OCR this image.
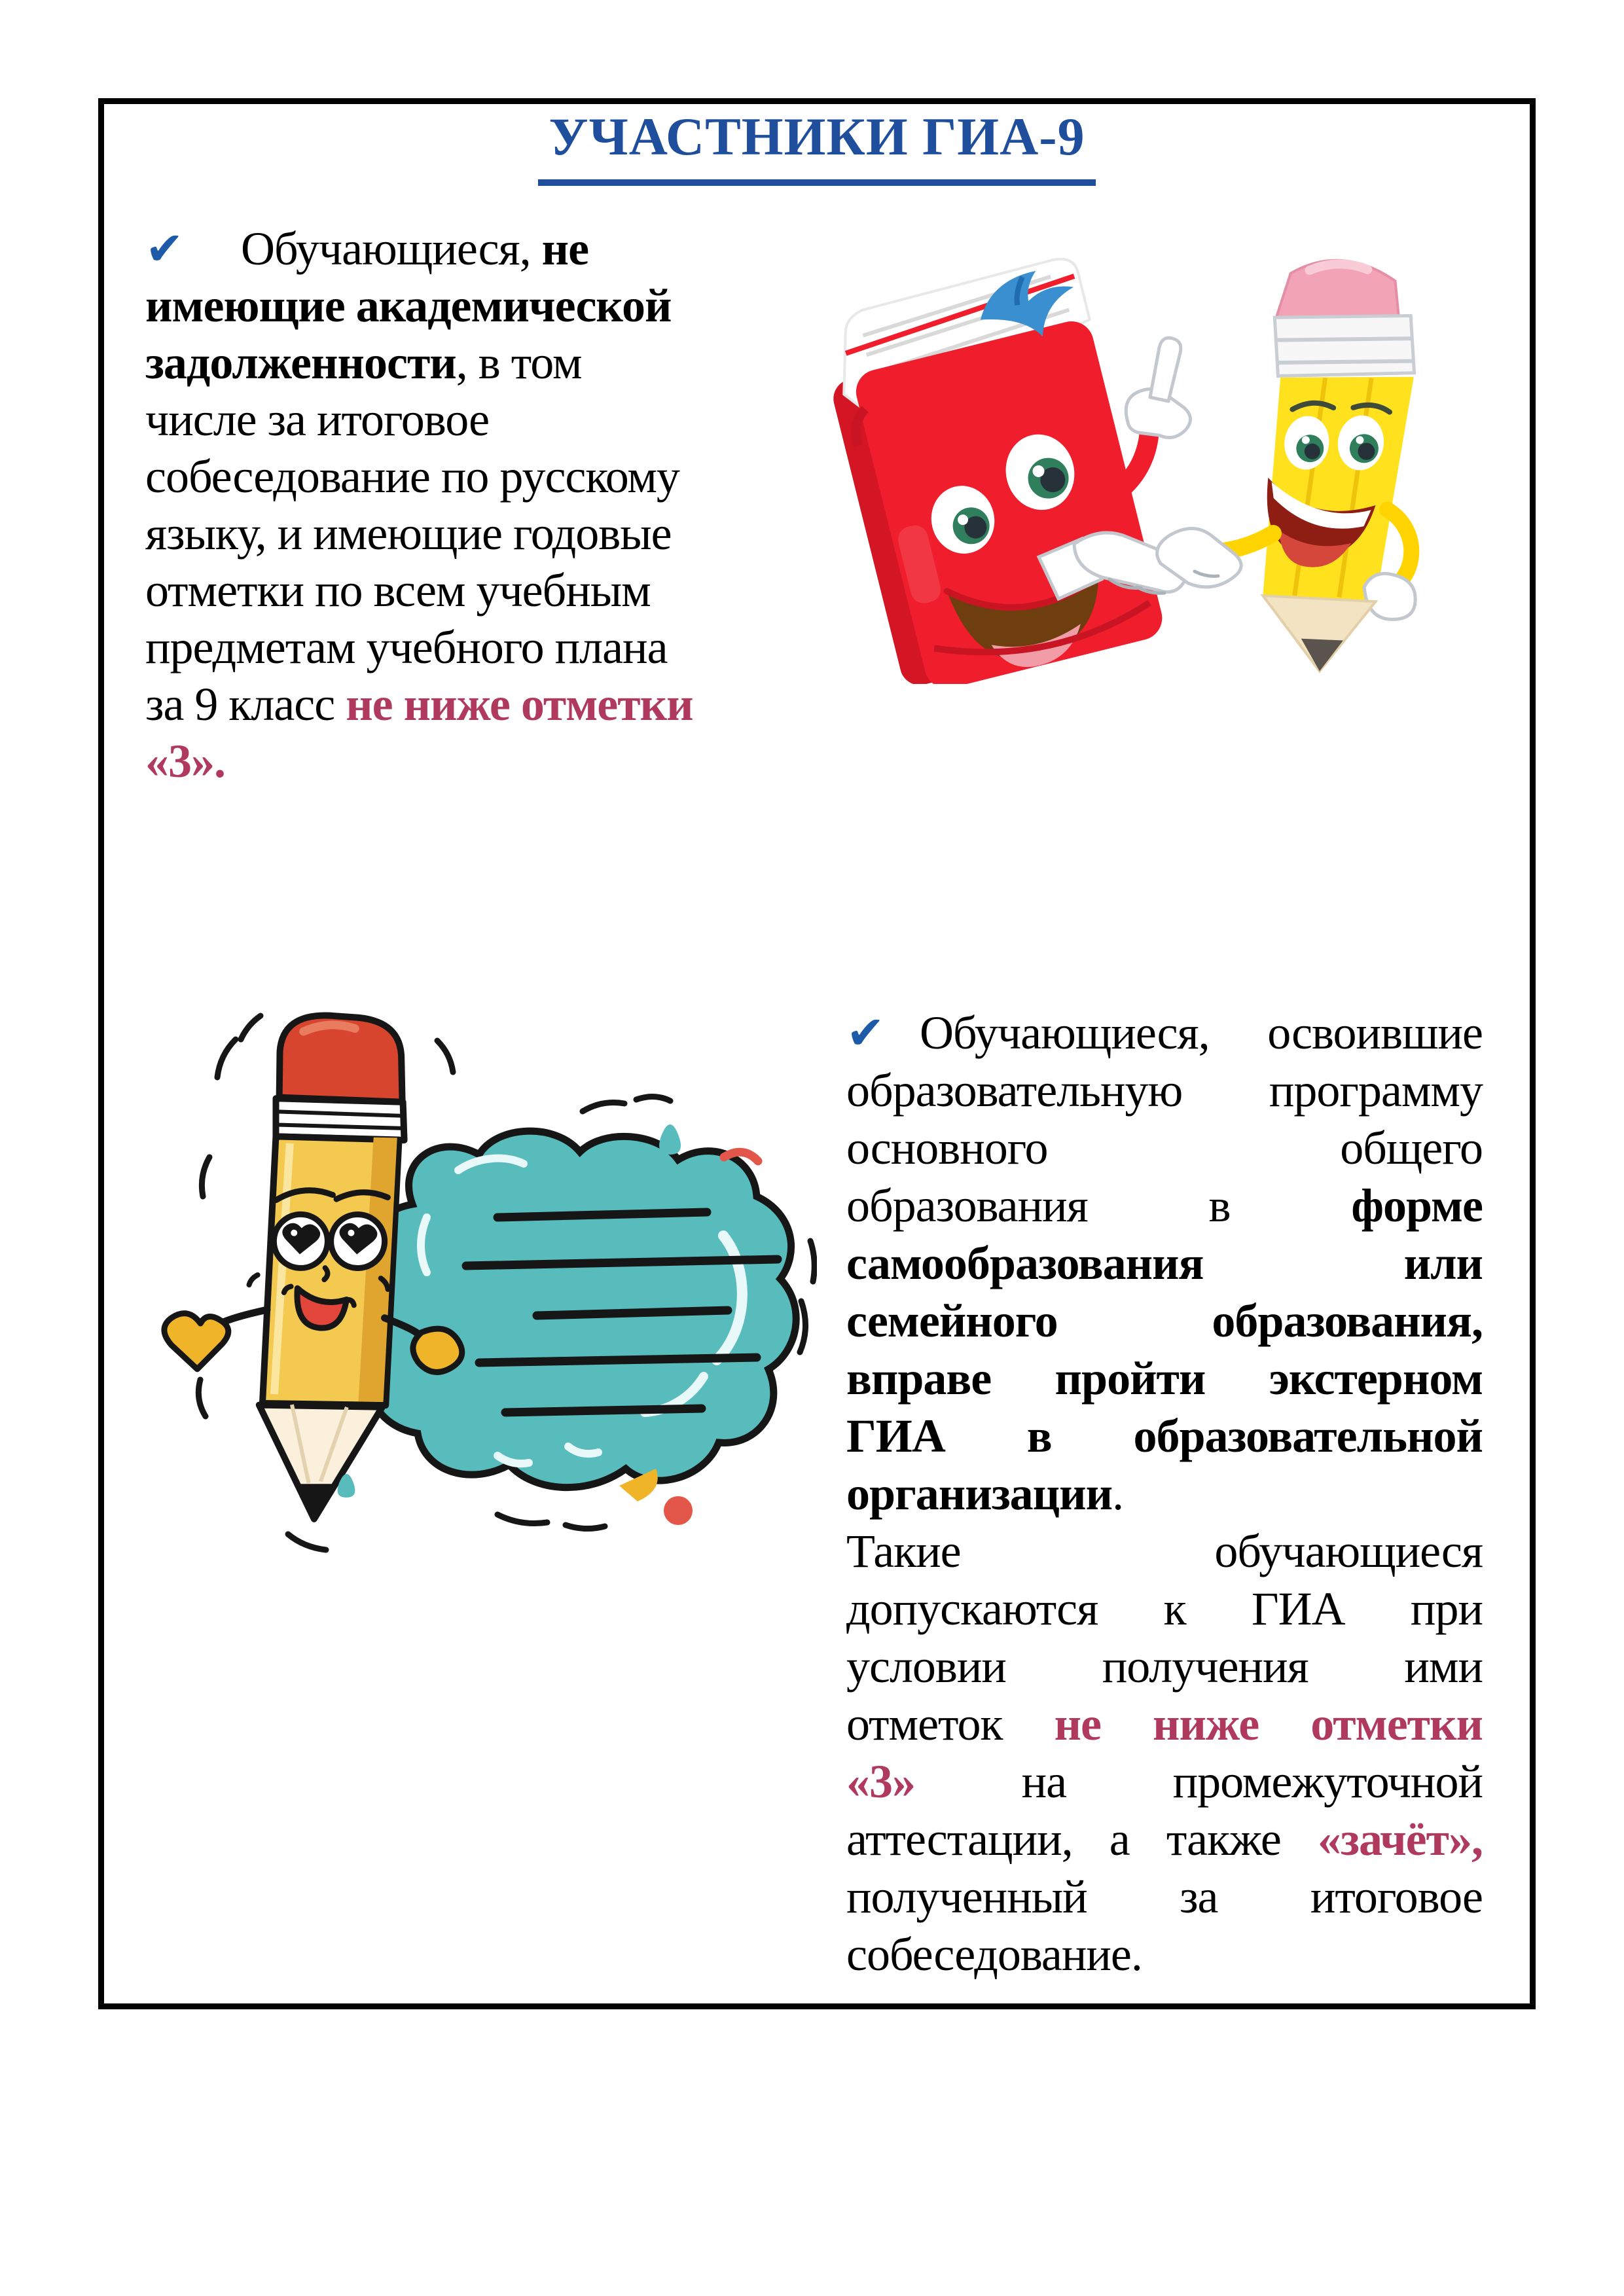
УЧАСТНИКИ ГИА-9
✔ Обучающиеся, не
имеющие академической
задолженности, в том
числе за итоговое
собеседование по русскому
языку, и имеющие годовые
отметки по всем учебным
предметам учебного плана
за 9 класс не ниже отметки
«3».
✔ Обучающиеся, освоившие
образовательную программу
основного общего
образования в форме
самообразования или
семейного образования,
вправе пройти экстерном
ГИА в образовательной
организации.
Такие обучающиеся
допускаются к ГИА при
условии получения ими
отметок не ниже отметки
«3» на промежуточной
аттестации, а также «зачёт»,
полученный за итоговое
собеседование.
